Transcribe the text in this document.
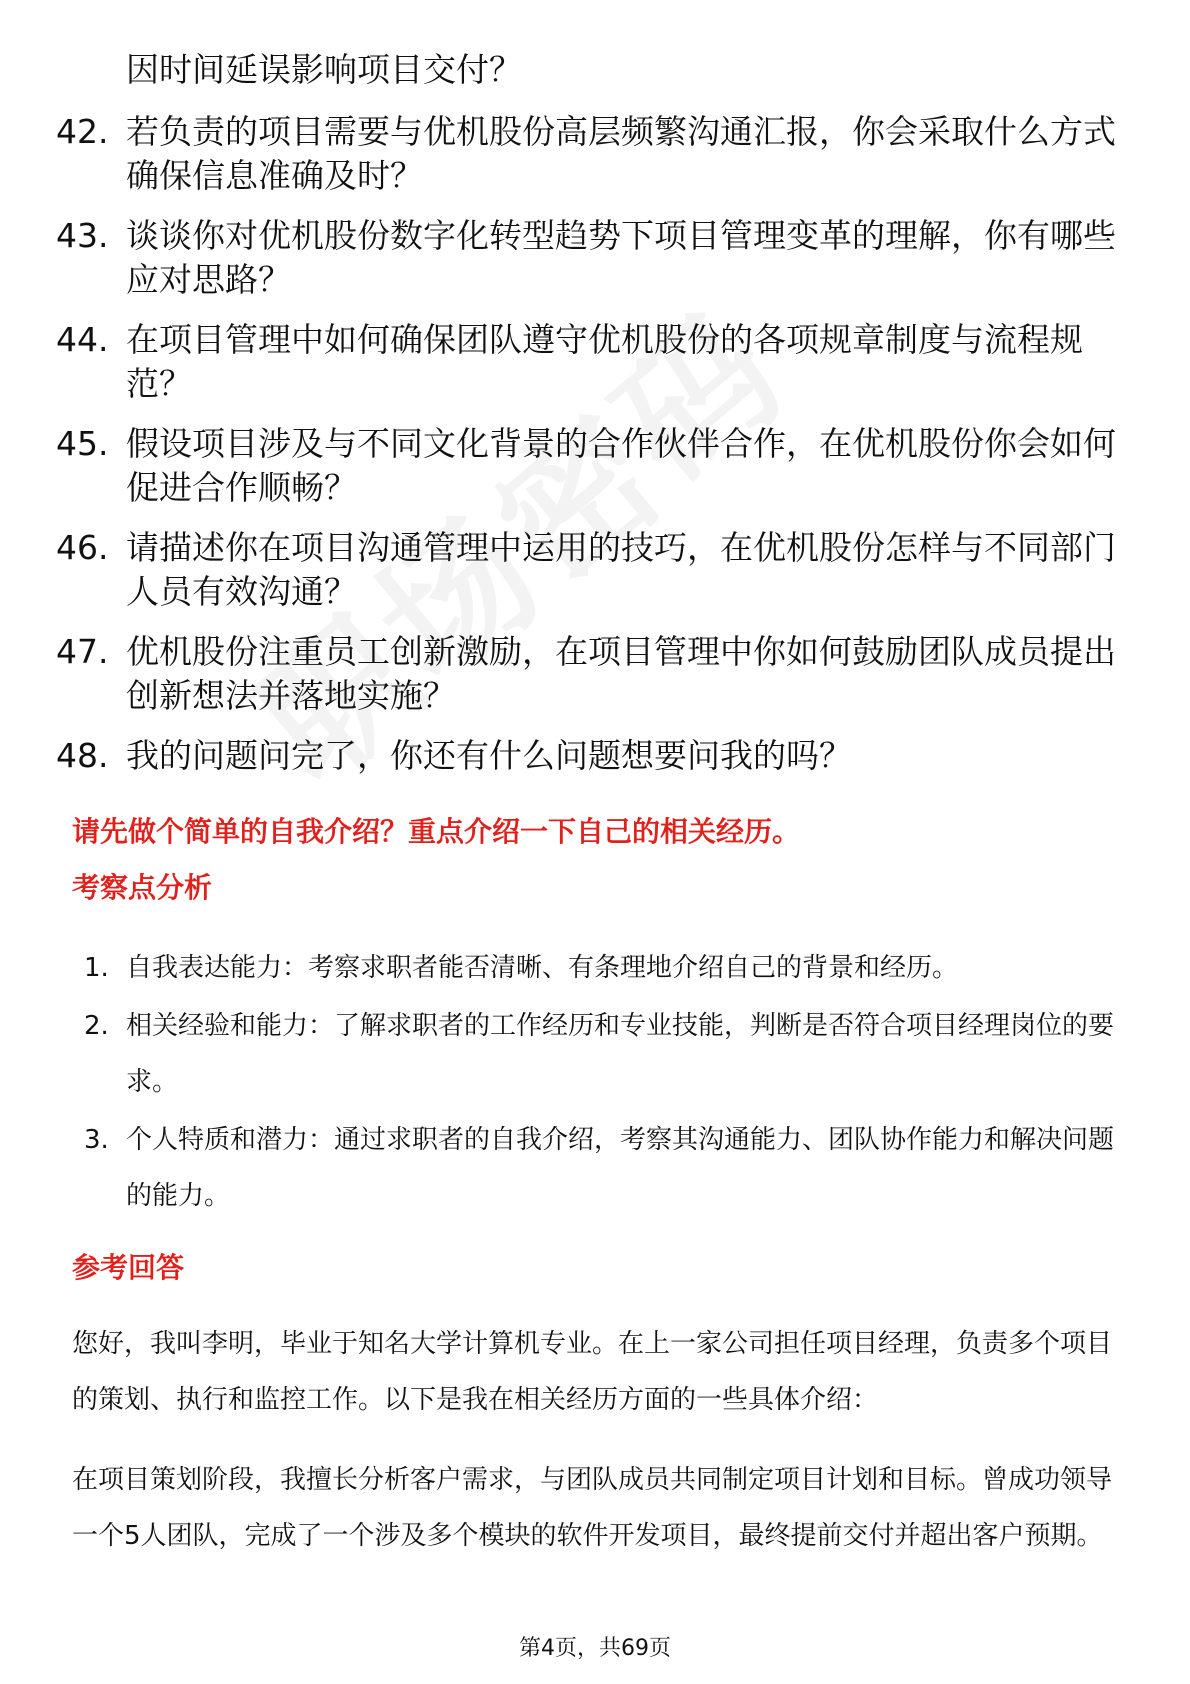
因时间延误影响项目交付？
42. 若负责的项目需要与优机股份高层频繁沟通汇报，你会采取什么方式确保信息准确及时？
43. 谈谈你对优机股份数字化转型趋势下项目管理变革的理解，你有哪些应对思路？
44. 在项目管理中如何确保团队遵守优机股份的各项规章制度与流程规范？
45. 假设项目涉及与不同文化背景的合作伙伴合作，在优机股份你会如何促进合作顺畅？
46. 请描述你在项目沟通管理中运用的技巧，在优机股份怎样与不同部门人员有效沟通？
47. 优机股份注重员工创新激励，在项目管理中你如何鼓励团队成员提出创新想法并落地实施？
48. 我的问题问完了，你还有什么问题想要问我的吗？
请先做个简单的自我介绍？重点介绍一下自己的相关经历。
考察点分析
1. 自我表达能力：考察求职者能否清晰、有条理地介绍自己的背景和经历。
2. 相关经验和能力：了解求职者的工作经历和专业技能，判断是否符合项目经理岗位的要求。
3. 个人特质和潜力：通过求职者的自我介绍，考察其沟通能力、团队协作能力和解决问题的能力。
参考回答

您好，我叫李明，毕业于知名大学计算机专业。在上一家公司担任项目经理，负责多个项目的策划、执行和监控工作。以下是我在相关经历方面的一些具体介绍：

在项目策划阶段，我擅长分析客户需求，与团队成员共同制定项目计划和目标。曾成功领导一个5人团队，完成了一个涉及多个模块的软件开发项目，最终提前交付并超出客户预期。

第4页，共69页
